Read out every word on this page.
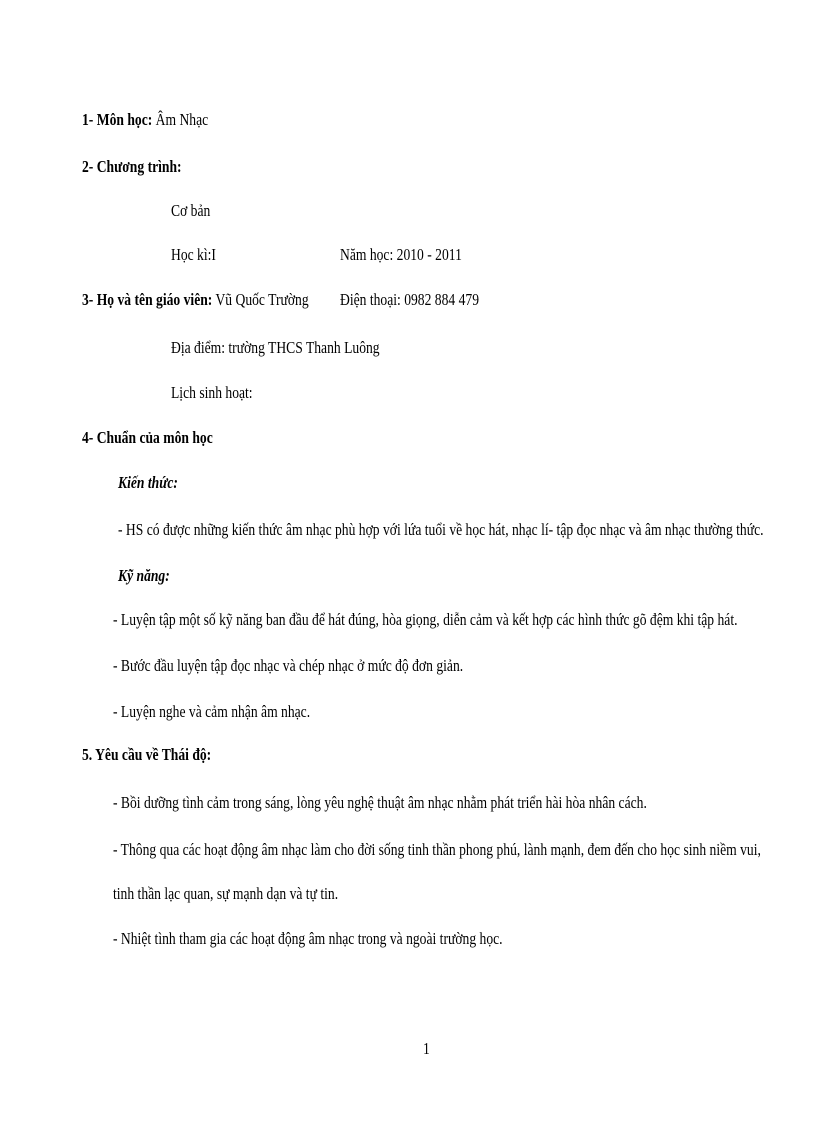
1- Môn học: Âm Nhạc
2- Chương trình:
Cơ bản
Học kì:I	Năm học: 2010 - 2011
3- Họ và tên giáo viên: Vũ Quốc Trường Điện thoại: 0982 884 479
Địa điểm: trường THCS Thanh Luông
Lịch sinh hoạt:
4- Chuẩn của môn học
Kiến thức:
- HS có được những kiến thức âm nhạc phù hợp với lứa tuổi về học hát, nhạc lí- tập đọc nhạc và âm nhạc thường thức.
Kỹ năng:
- Luyện tập một số kỹ năng ban đầu để hát đúng, hòa giọng, diễn cảm và kết hợp các hình thức gõ đệm khi tập hát.
- Bước đầu luyện tập đọc nhạc và chép nhạc ở mức độ đơn giản.
- Luyện nghe và cảm nhận âm nhạc.
5. Yêu cầu về Thái độ:
- Bồi dưỡng tình cảm trong sáng, lòng yêu nghệ thuật âm nhạc nhằm phát triển hài hòa nhân cách.
- Thông qua các hoạt động âm nhạc làm cho đời sống tinh thần phong phú, lành mạnh, đem đến cho học sinh niềm vui,
tinh thần lạc quan, sự mạnh dạn và tự tin.
- Nhiệt tình tham gia các hoạt động âm nhạc trong và ngoài trường học.
1
